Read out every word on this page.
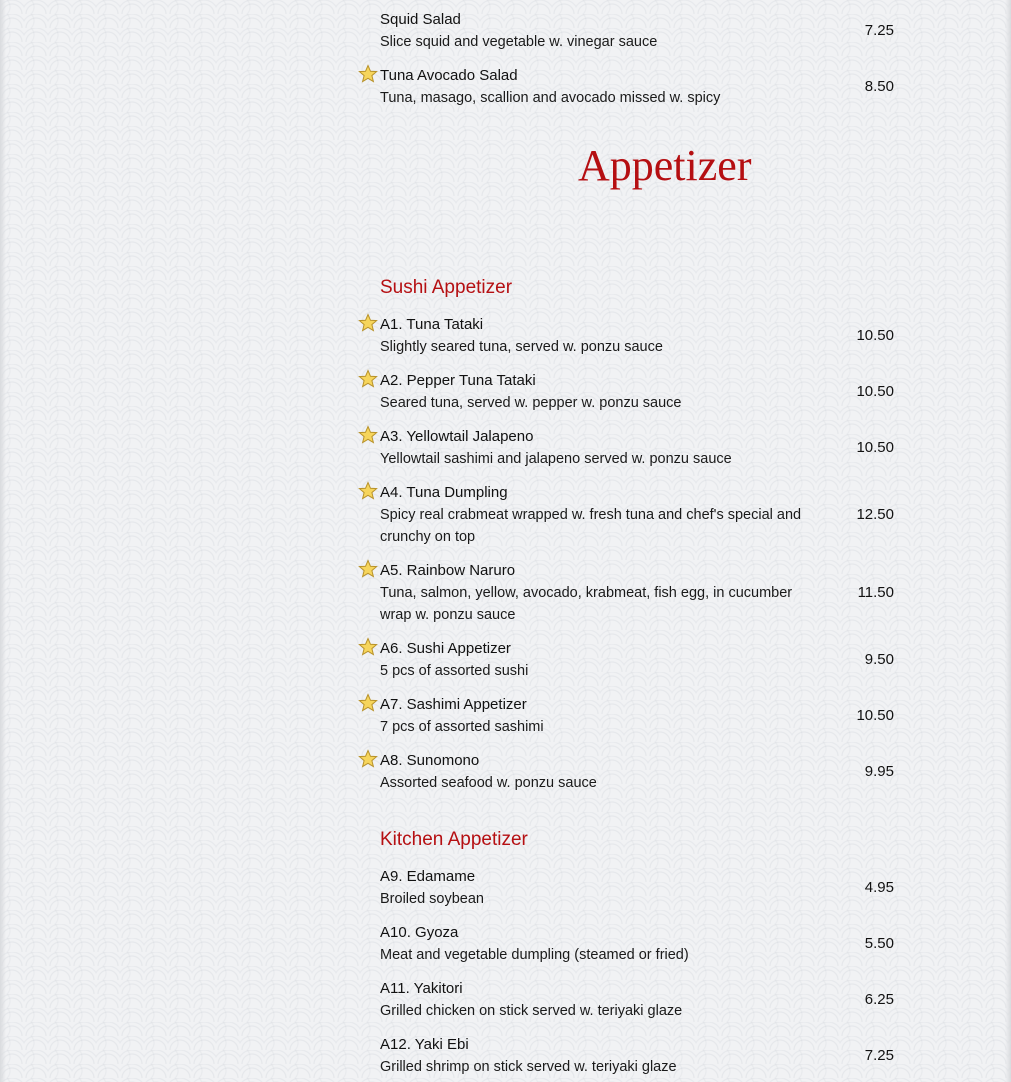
Squid Salad
Slice squid and vegetable w. vinegar sauce
7.25
Tuna Avocado Salad
Tuna, masago, scallion and avocado missed w. spicy
8.50
Appetizer
Sushi Appetizer
A1. Tuna Tataki
Slightly seared tuna, served w. ponzu sauce
10.50
A2. Pepper Tuna Tataki
Seared tuna, served w. pepper w. ponzu sauce
10.50
A3. Yellowtail Jalapeno
Yellowtail sashimi and jalapeno served w. ponzu sauce
10.50
A4. Tuna Dumpling
Spicy real crabmeat wrapped w. fresh tuna and chef's special and crunchy on top
12.50
A5. Rainbow Naruro
Tuna, salmon, yellow, avocado, krabmeat, fish egg, in cucumber wrap w. ponzu sauce
11.50
A6. Sushi Appetizer
5 pcs of assorted sushi
9.50
A7. Sashimi Appetizer
7 pcs of assorted sashimi
10.50
A8. Sunomono
Assorted seafood w. ponzu sauce
9.95
Kitchen Appetizer
A9. Edamame
Broiled soybean
4.95
A10. Gyoza
Meat and vegetable dumpling (steamed or fried)
5.50
A11. Yakitori
Grilled chicken on stick served w. teriyaki glaze
6.25
A12. Yaki Ebi
Grilled shrimp on stick served w. teriyaki glaze
7.25
